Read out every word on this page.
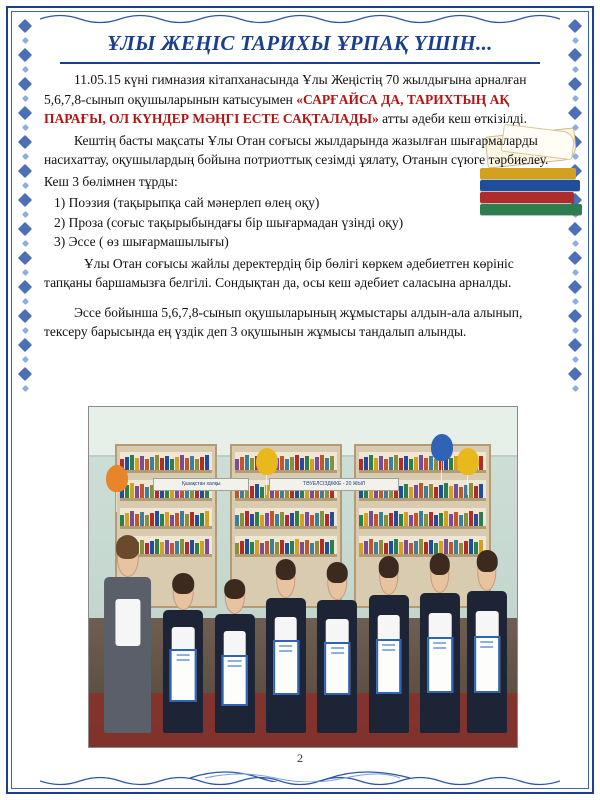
ҰЛЫ ЖЕҢІС ТАРИХЫ ҰРПАҚ ҮШІН...

11.05.15 күні гимназия кітапханасында Ұлы Жеңістің 70 жылдығына арналған 5,6,7,8-сынып оқушыларынын катысуымен «САРҒАЙСА ДА, ТАРИХТЫҢ АҚ ПАРАҒЫ, ОЛ КҮНДЕР МӘҢГІ ЕСТЕ САҚТАЛАДЫ» атты әдеби кеш өткізілді.

Кештің басты мақсаты Ұлы Отан соғысы жылдарында жазылған шығармаларды насихаттау, оқушылардың бойына потриоттық сезімді ұялату, Отанын сүюге тәрбиелеу.

Кеш 3 бөлімнен тұрды:

1) Поэзия (тақырыпқа сай мәнерлеп өлең оқу)

2) Проза (соғыс тақырыбындағы бір шығармадан үзінді оқу)

3) Эссе ( өз шығармашылығы)

Ұлы Отан соғысы жайлы деректердің бір бөлігі көркем әдебиетген көрініс тапқаны баршамызға белгілі. Сондықтан да, осы кеш әдебиет саласына арналды.

Эссе бойынша 5,6,7,8-сынып оқушыларының жұмыстары алдын-ала алынып, тексеру барысында ең үздік деп 3 оқушынын жұмысы тандалып алынды.

Қазақстан халқы	ТӘУЕЛСІЗДІККЕ - 20 ЖЫЛ
2
